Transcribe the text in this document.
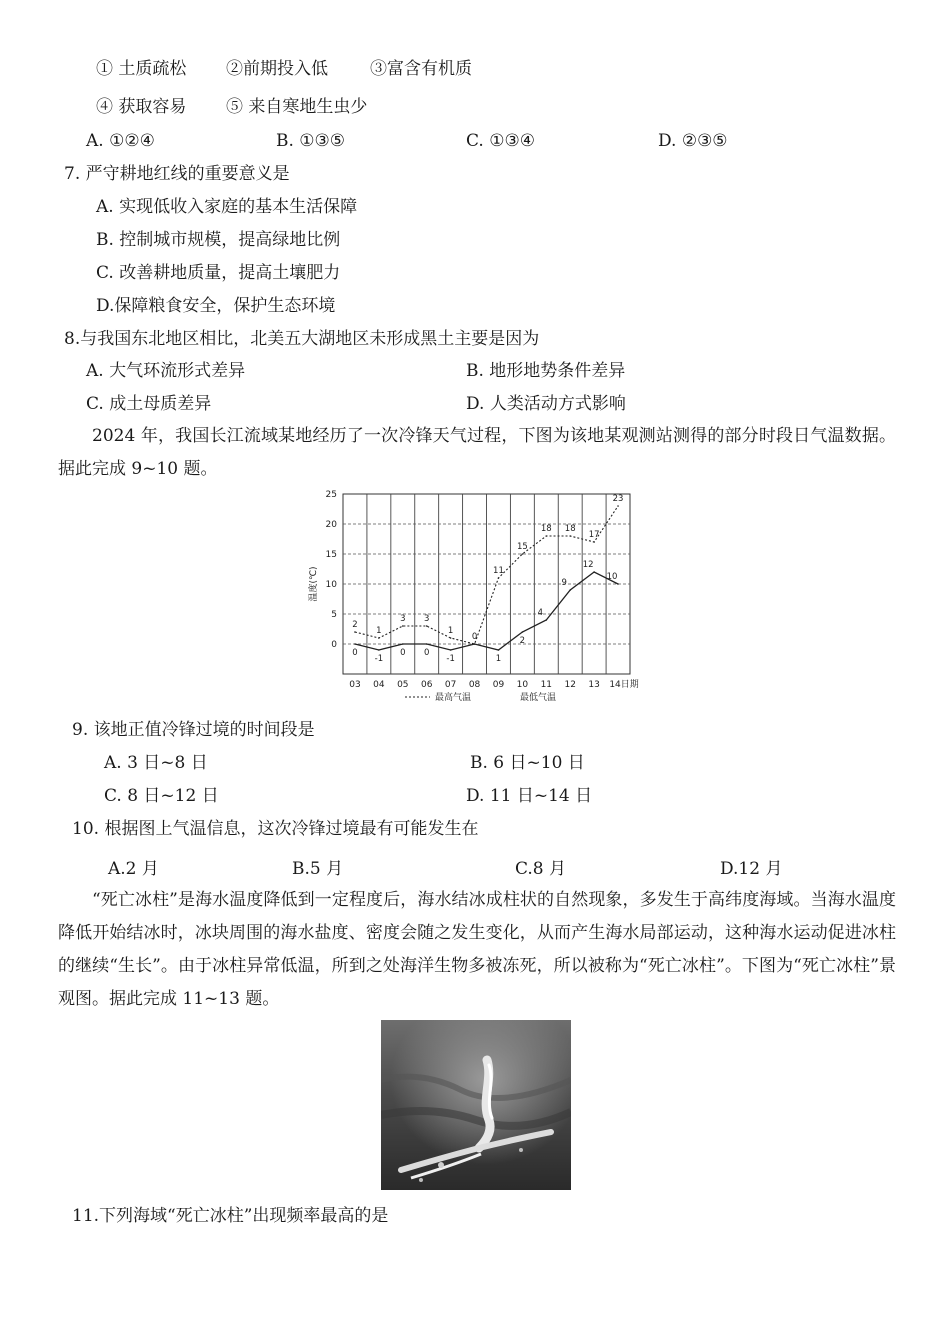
① 土质疏松 ②前期投入低 ③富含有机质
④ 获取容易 ⑤ 来自寒地生虫少
A. ①②④	B. ①③⑤	C. ①③④	D. ②③⑤
7. 严守耕地红线的重要意义是
A. 实现低收入家庭的基本生活保障
B. 控制城市规模，提高绿地比例
C. 改善耕地质量，提高土壤肥力
D.保障粮食安全，保护生态环境
8.与我国东北地区相比，北美五大湖地区未形成黑土主要是因为
A. 大气环流形式差异	B. 地形地势条件差异
C. 成土母质差异	D. 人类活动方式影响
2024 年，我国长江流域某地经历了一次冷锋天气过程，下图为该地某观测站测得的部分时段日气温数据。据此完成 9~10 题。
0
5
10
15
20
25
温度(℃)
03 04 05 06 07 08 09 10 11 12 13 14日期
2
1
3 3
1
0
11
15
18 18
17
23
0
-1
0 0
-1	1
2
4
9
12
10
最高气温	最低气温
9. 该地正值冷锋过境的时间段是
A. 3 日~8 日	B. 6 日~10 日
C. 8 日~12 日	D. 11 日~14 日
10. 根据图上气温信息，这次冷锋过境最有可能发生在
A.2 月	B.5 月	C.8 月	D.12 月
“死亡冰柱”是海水温度降低到一定程度后，海水结冰成柱状的自然现象，多发生于高纬度海域。当海水温度降低开始结冰时，冰块周围的海水盐度、密度会随之发生变化，从而产生海水局部运动，这种海水运动促进冰柱的继续“生长”。由于冰柱异常低温，所到之处海洋生物多被冻死，所以被称为“死亡冰柱”。下图为“死亡冰柱”景观图。据此完成 11~13 题。
11.下列海域“死亡冰柱”出现频率最高的是
